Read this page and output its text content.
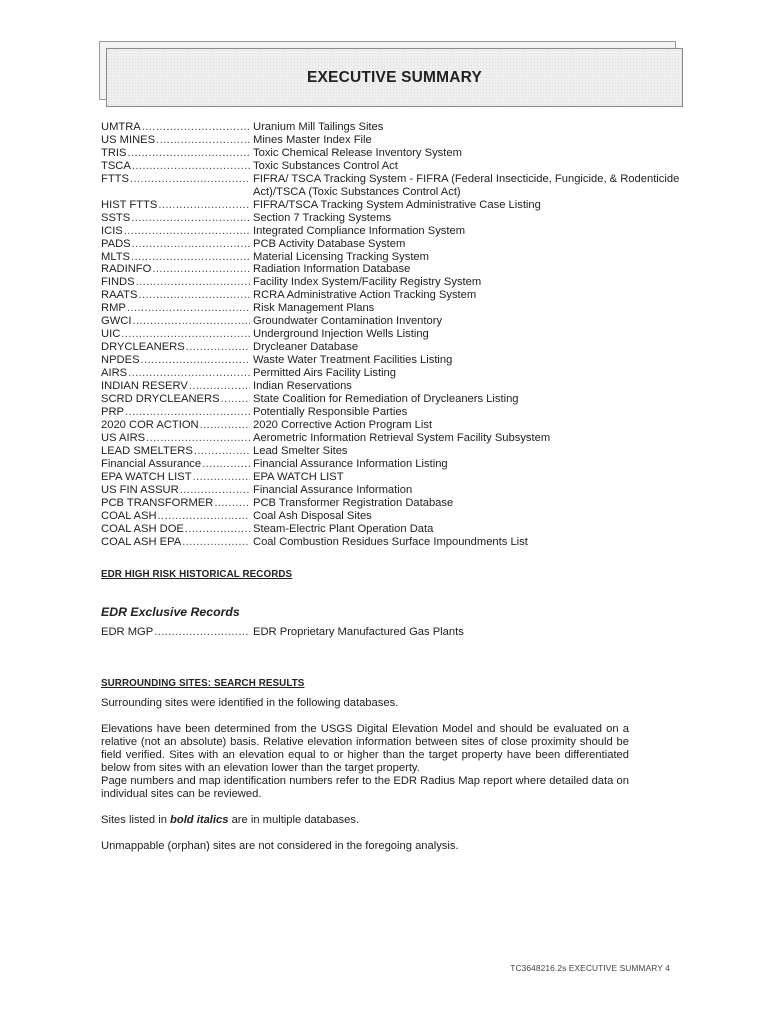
EXECUTIVE SUMMARY
UMTRA .....	Uranium Mill Tailings Sites
US MINES .....	Mines Master Index File
TRIS .....	Toxic Chemical Release Inventory System
TSCA .....	Toxic Substances Control Act
FTTS .....	FIFRA/ TSCA Tracking System - FIFRA (Federal Insecticide, Fungicide, & Rodenticide Act)/TSCA (Toxic Substances Control Act)
HIST FTTS .....	FIFRA/TSCA Tracking System Administrative Case Listing
SSTS .....	Section 7 Tracking Systems
ICIS .....	Integrated Compliance Information System
PADS .....	PCB Activity Database System
MLTS .....	Material Licensing Tracking System
RADINFO .....	Radiation Information Database
FINDS .....	Facility Index System/Facility Registry System
RAATS .....	RCRA Administrative Action Tracking System
RMP .....	Risk Management Plans
GWCI .....	Groundwater Contamination Inventory
UIC .....	Underground Injection Wells Listing
DRYCLEANERS .....	Drycleaner Database
NPDES .....	Waste Water Treatment Facilities Listing
AIRS .....	Permitted Airs Facility Listing
INDIAN RESERV .....	Indian Reservations
SCRD DRYCLEANERS .....	State Coalition for Remediation of Drycleaners Listing
PRP .....	Potentially Responsible Parties
2020 COR ACTION .....	2020 Corrective Action Program List
US AIRS .....	Aerometric Information Retrieval System Facility Subsystem
LEAD SMELTERS .....	Lead Smelter Sites
Financial Assurance .....	Financial Assurance Information Listing
EPA WATCH LIST .....	EPA WATCH LIST
US FIN ASSUR .....	Financial Assurance Information
PCB TRANSFORMER .....	PCB Transformer Registration Database
COAL ASH .....	Coal Ash Disposal Sites
COAL ASH DOE .....	Steam-Electric Plant Operation Data
COAL ASH EPA .....	Coal Combustion Residues Surface Impoundments List
EDR HIGH RISK HISTORICAL RECORDS
EDR Exclusive Records
EDR MGP .....	EDR Proprietary Manufactured Gas Plants
SURROUNDING SITES: SEARCH RESULTS
Surrounding sites were identified in the following databases.
Elevations have been determined from the USGS Digital Elevation Model and should be evaluated on a relative (not an absolute) basis. Relative elevation information between sites of close proximity should be field verified. Sites with an elevation equal to or higher than the target property have been differentiated below from sites with an elevation lower than the target property.
Page numbers and map identification numbers refer to the EDR Radius Map report where detailed data on individual sites can be reviewed.
Sites listed in bold italics are in multiple databases.
Unmappable (orphan) sites are not considered in the foregoing analysis.
TC3648216.2s EXECUTIVE SUMMARY 4
